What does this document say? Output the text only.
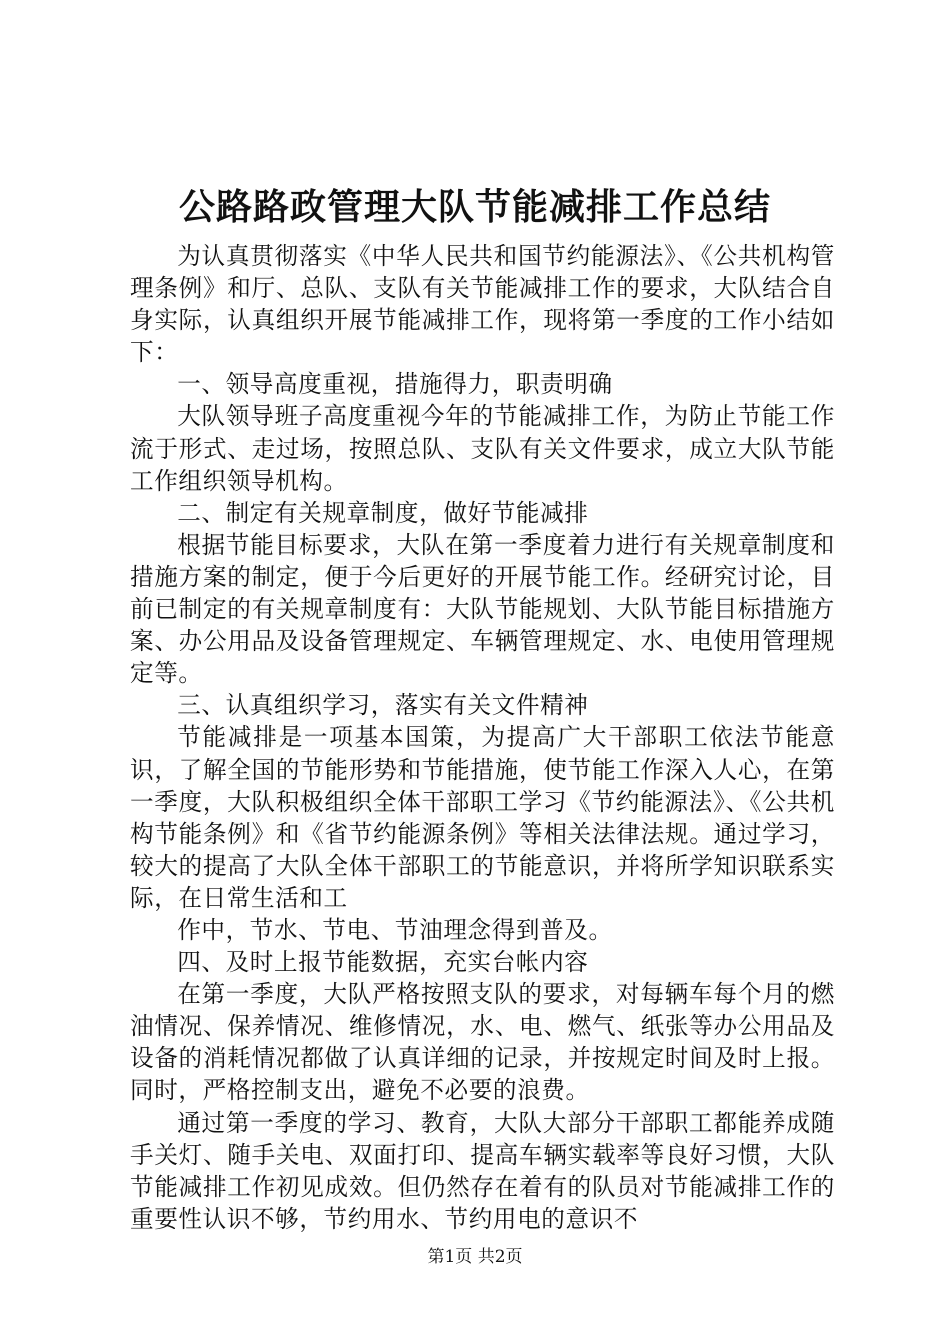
公路路政管理大队节能减排工作总结

为认真贯彻落实《中华人民共和国节约能源法》、《公共机构管理条例》和厅、总队、支队有关节能减排工作的要求，大队结合自身实际，认真组织开展节能减排工作，现将第一季度的工作小结如下：

一、领导高度重视，措施得力，职责明确

大队领导班子高度重视今年的节能减排工作，为防止节能工作流于形式、走过场，按照总队、支队有关文件要求，成立大队节能工作组织领导机构。

二、制定有关规章制度，做好节能减排

根据节能目标要求，大队在第一季度着力进行有关规章制度和措施方案的制定，便于今后更好的开展节能工作。经研究讨论，目前已制定的有关规章制度有：大队节能规划、大队节能目标措施方案、办公用品及设备管理规定、车辆管理规定、水、电使用管理规定等。

三、认真组织学习，落实有关文件精神

节能减排是一项基本国策，为提高广大干部职工依法节能意识，了解全国的节能形势和节能措施，使节能工作深入人心，在第一季度，大队积极组织全体干部职工学习《节约能源法》、《公共机构节能条例》和《省节约能源条例》等相关法律法规。通过学习，较大的提高了大队全体干部职工的节能意识，并将所学知识联系实际，在日常生活和工

作中，节水、节电、节油理念得到普及。

四、及时上报节能数据，充实台帐内容

在第一季度，大队严格按照支队的要求，对每辆车每个月的燃油情况、保养情况、维修情况，水、电、燃气、纸张等办公用品及设备的消耗情况都做了认真详细的记录，并按规定时间及时上报。同时，严格控制支出，避免不必要的浪费。

通过第一季度的学习、教育，大队大部分干部职工都能养成随手关灯、随手关电、双面打印、提高车辆实载率等良好习惯，大队节能减排工作初见成效。但仍然存在着有的队员对节能减排工作的重要性认识不够，节约用水、节约用电的意识不

第1页 共2页
